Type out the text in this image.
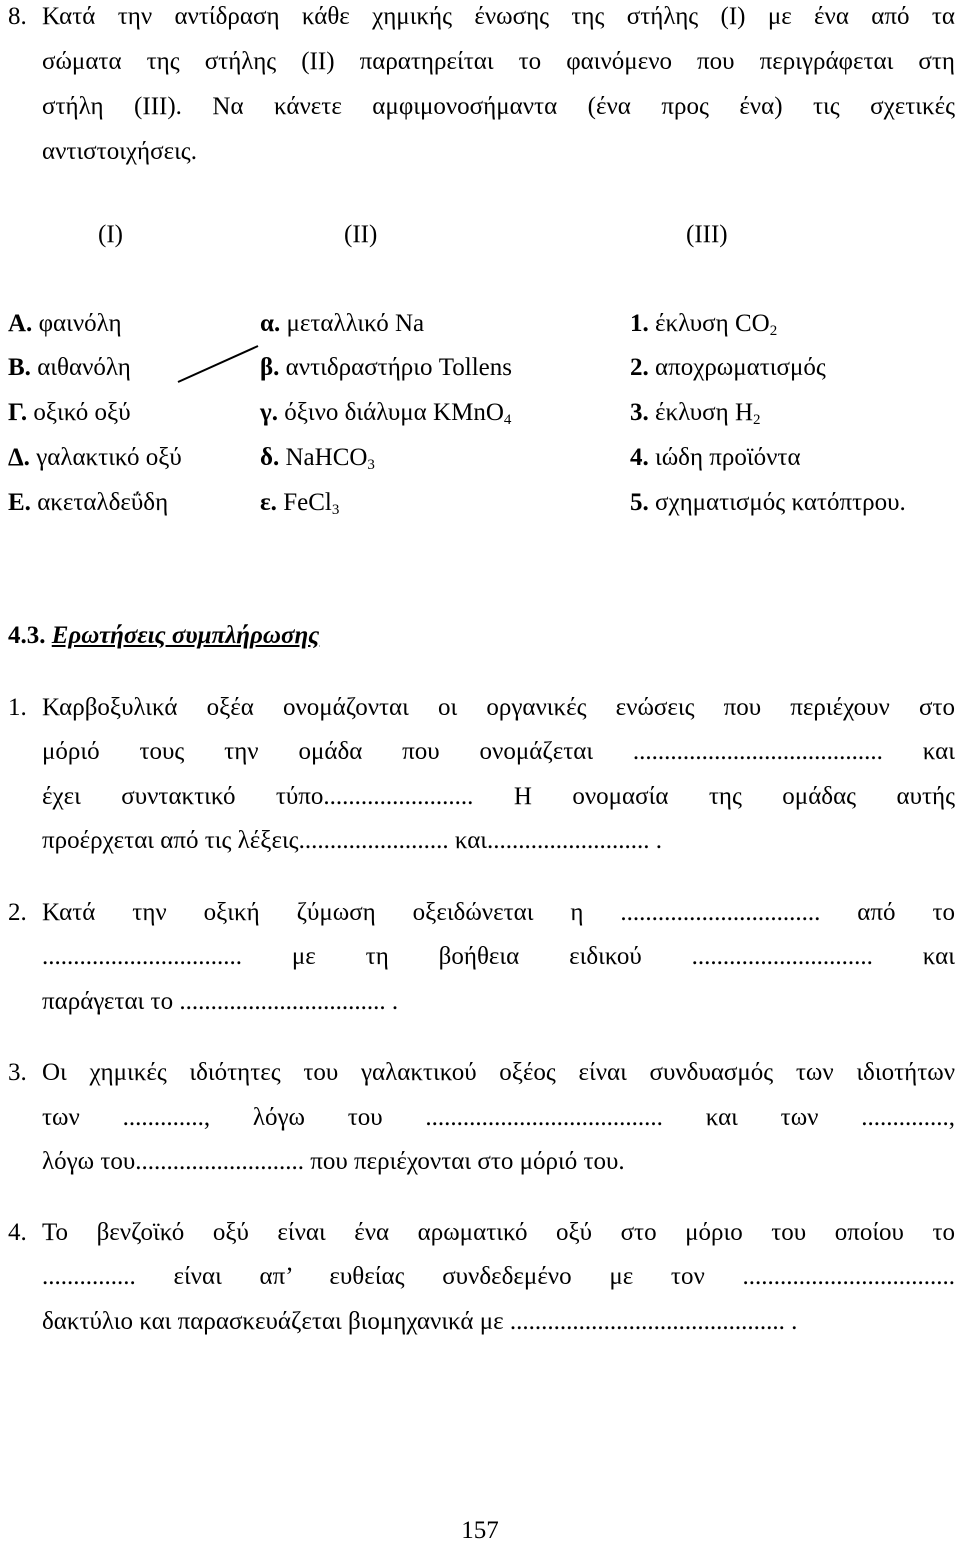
8. Κατά την αντίδραση κάθε χημικής ένωσης της στήλης (Ι) με ένα από τα
σώματα της στήλης (ΙΙ) παρατηρείται το φαινόμενο που περιγράφεται στη
στήλη (ΙΙΙ). Να κάνετε αμφιμονοσήμαντα (ένα προς ένα) τις σχετικές
αντιστοιχήσεις.
(Ι)	(ΙΙ)	(ΙΙΙ)
Α. φαινόλη
Β. αιθανόλη
Γ. οξικό οξύ
Δ. γαλακτικό οξύ
Ε. ακεταλδεΰδη
α. μεταλλικό Na
β. αντιδραστήριο Tollens
γ. όξινο διάλυμα KMnO$_4$
δ. NaHCO$_3$
ε. FeCl$_3$
1. έκλυση $CO_2$
2. αποχρωματισμός
3. έκλυση $H_2$
4. ιώδη προϊόντα
5. σχηματισμός κατόπτρου.
4.3. Ερωτήσεις συμπλήρωσης
1. Καρβοξυλικά οξέα ονομάζονται οι οργανικές ενώσεις που περιέχουν στο
μόριό τους την ομάδα που ονομάζεται ........................................ και
έχει συντακτικό τύπο........................ Η ονομασία της ομάδας αυτής
προέρχεται από τις λέξεις........................ και.......................... .
2. Κατά την οξική ζύμωση οξειδώνεται η ................................ από το
................................ με τη βοήθεια ειδικού ............................. και
παράγεται το ................................. .
3. Οι χημικές ιδιότητες του γαλακτικού οξέος είναι συνδυασμός των ιδιοτήτων
των ............., λόγω του ...................................... και των ..............,
λόγω του........................... που περιέχονται στο μόριό του.
4. Το βενζοϊκό οξύ είναι ένα αρωματικό οξύ στο μόριο του οποίου το
............... είναι απ’ ευθείας συνδεδεμένο με τον ..................................
δακτύλιο και παρασκευάζεται βιομηχανικά με ............................................ .
157
